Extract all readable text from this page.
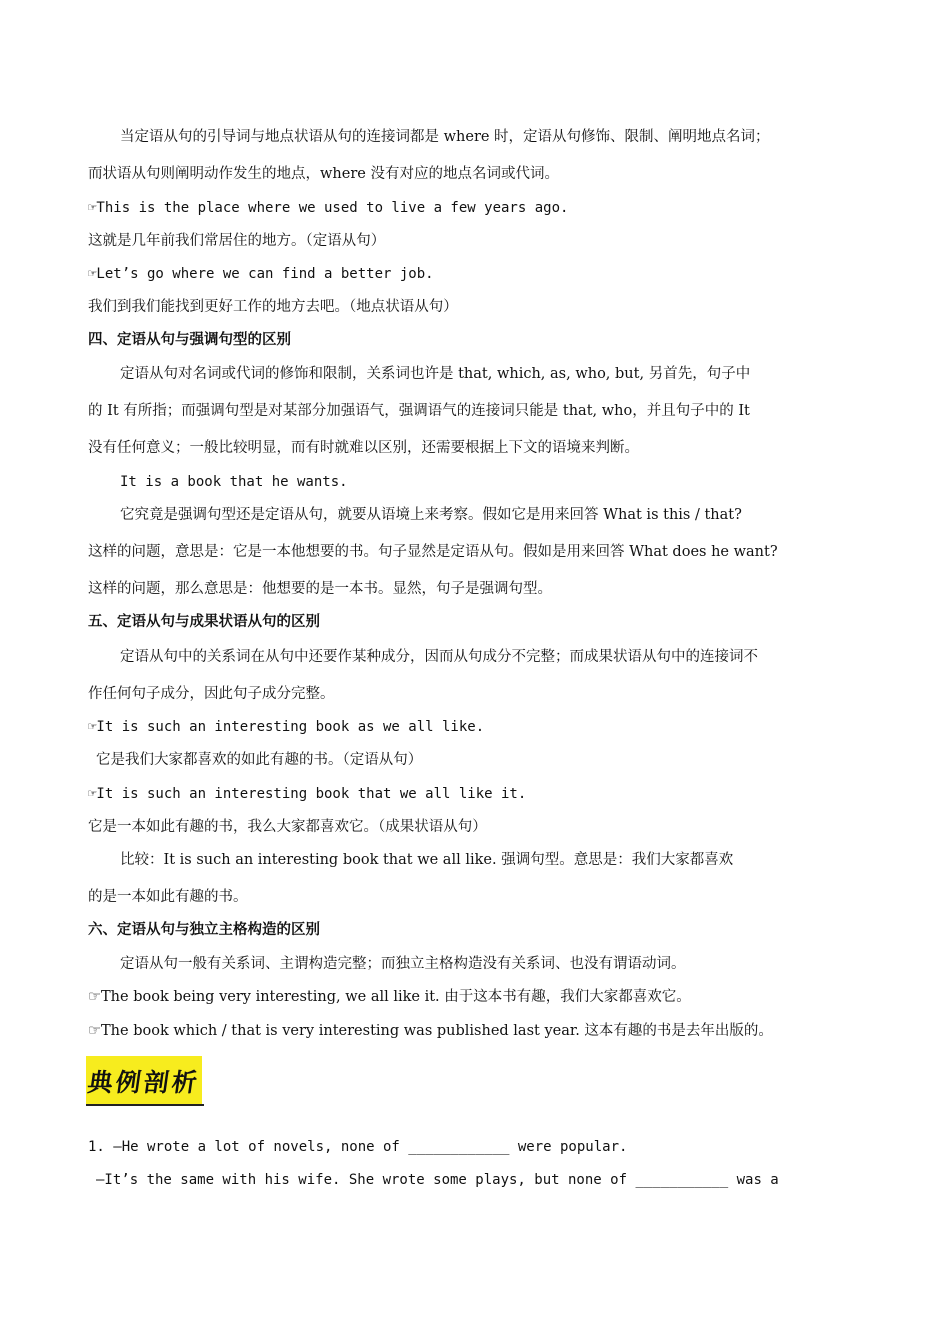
当定语从句的引导词与地点状语从句的连接词都是 where 时，定语从句修饰、限制、阐明地点名词；
而状语从句则阐明动作发生的地点，where 没有对应的地点名词或代词。
☞This is the place where we used to live a few years ago.
这就是几年前我们常居住的地方。（定语从句）
☞Let’s go where we can find a better job.
我们到我们能找到更好工作的地方去吧。（地点状语从句）
四、定语从句与强调句型的区别
定语从句对名词或代词的修饰和限制，关系词也许是 that, which, as, who, but, 另首先，句子中
的 It 有所指；而强调句型是对某部分加强语气，强调语气的连接词只能是 that, who，并且句子中的 It
没有任何意义；一般比较明显，而有时就难以区别，还需要根据上下文的语境来判断。
It is a book that he wants.
它究竟是强调句型还是定语从句，就要从语境上来考察。假如它是用来回答 What is this / that?
这样的问题，意思是：它是一本他想要的书。句子显然是定语从句。假如是用来回答 What does he want?
这样的问题，那么意思是：他想要的是一本书。显然，句子是强调句型。
五、定语从句与成果状语从句的区别
定语从句中的关系词在从句中还要作某种成分，因而从句成分不完整；而成果状语从句中的连接词不
作任何句子成分，因此句子成分完整。
☞It is such an interesting book as we all like.
它是我们大家都喜欢的如此有趣的书。（定语从句）
☞It is such an interesting book that we all like it.
它是一本如此有趣的书，我么大家都喜欢它。（成果状语从句）
比较：It is such an interesting book that we all like. 强调句型。意思是：我们大家都喜欢
的是一本如此有趣的书。
六、定语从句与独立主格构造的区别
定语从句一般有关系词、主谓构造完整；而独立主格构造没有关系词、也没有谓语动词。
☞The book being very interesting, we all like it. 由于这本书有趣，我们大家都喜欢它。
☞The book which / that is very interesting was published last year. 这本有趣的书是去年出版的。
典例剖析
1. —He wrote a lot of novels, none of ____________ were popular.
—It’s the same with his wife. She wrote some plays, but none of ___________ was a
